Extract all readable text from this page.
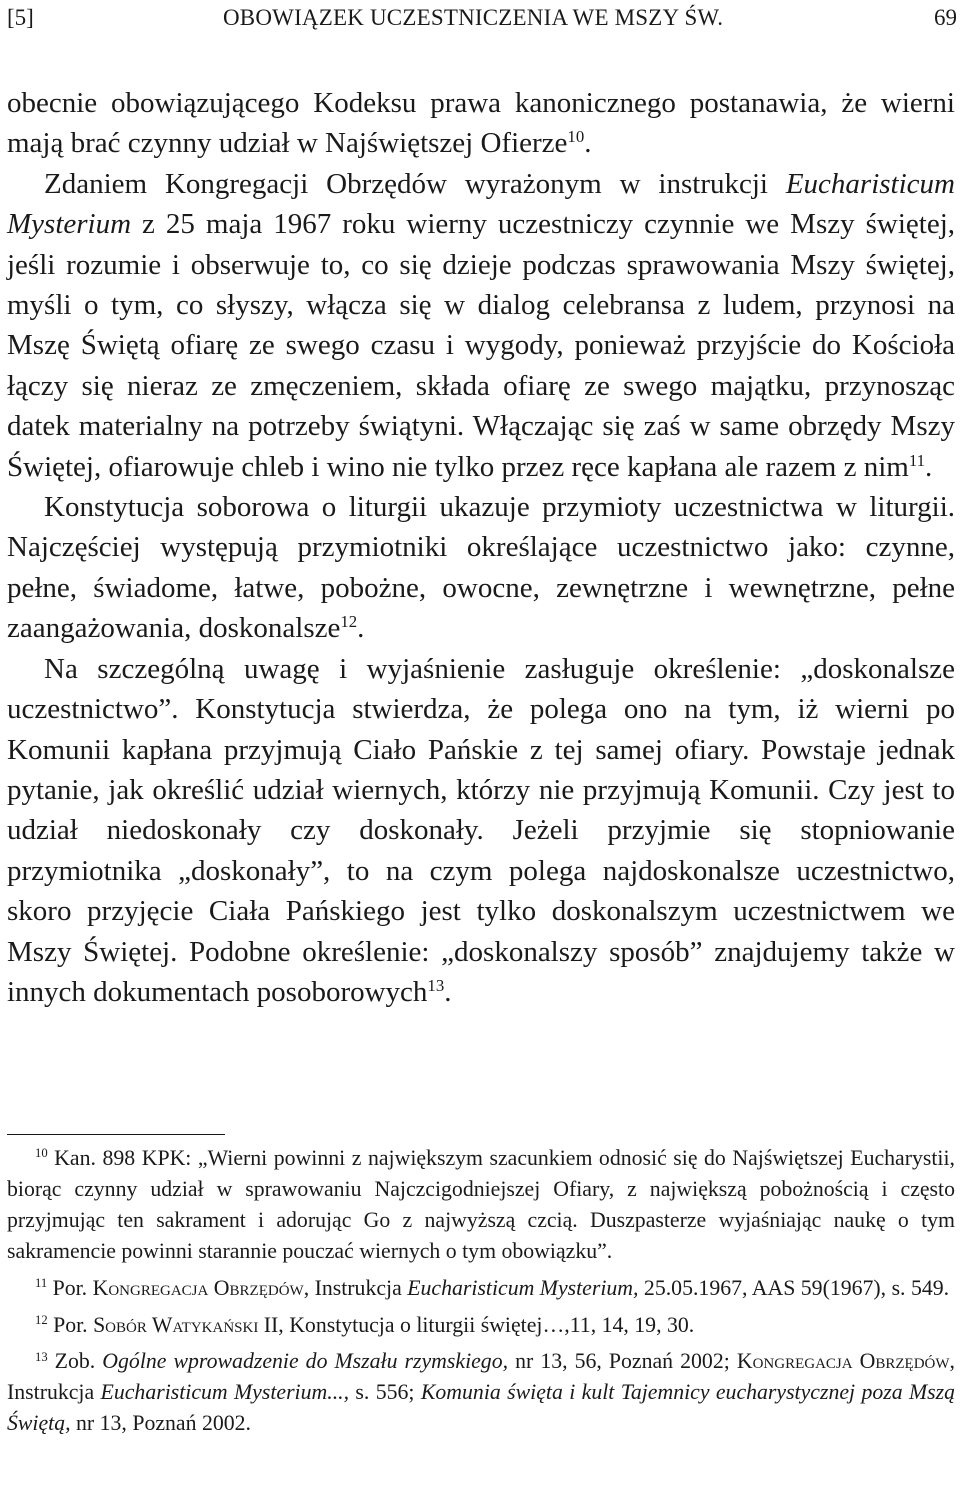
[5]	OBOWIĄZEK UCZESTNICZENIA WE MSZY ŚW.	69

obecnie obowiązującego Kodeksu prawa kanonicznego postanawia, że wierni mają brać czynny udział w Najświętszej Ofierze$^{10}$.

Zdaniem Kongregacji Obrzędów wyrażonym w instrukcji Eucharisticum Mysterium z 25 maja 1967 roku wierny uczestniczy czynnie we Mszy świętej, jeśli rozumie i obserwuje to, co się dzieje podczas sprawowania Mszy świętej, myśli o tym, co słyszy, włącza się w dialog celebransa z ludem, przynosi na Mszę Świętą ofiarę ze swego czasu i wygody, ponieważ przyjście do Kościoła łączy się nieraz ze zmęczeniem, składa ofiarę ze swego majątku, przynosząc datek materialny na potrzeby świątyni. Włączając się zaś w same obrzędy Mszy Świętej, ofiarowuje chleb i wino nie tylko przez ręce kapłana ale razem z nim$^{11}$.

Konstytucja soborowa o liturgii ukazuje przymioty uczestnictwa w liturgii. Najczęściej występują przymiotniki określające uczestnictwo jako: czynne, pełne, świadome, łatwe, pobożne, owocne, zewnętrzne i wewnętrzne, pełne zaangażowania, doskonalsze$^{12}$.

Na szczególną uwagę i wyjaśnienie zasługuje określenie: „doskonalsze uczestnictwo”. Konstytucja stwierdza, że polega ono na tym, iż wierni po Komunii kapłana przyjmują Ciało Pańskie z tej samej ofiary. Powstaje jednak pytanie, jak określić udział wiernych, którzy nie przyjmują Komunii. Czy jest to udział niedoskonały czy doskonały. Jeżeli przyjmie się stopniowanie przymiotnika „doskonały”, to na czym polega najdoskonalsze uczestnictwo, skoro przyjęcie Ciała Pańskiego jest tylko doskonalszym uczestnictwem we Mszy Świętej. Podobne określenie: „doskonalszy sposób” znajdujemy także w innych dokumentach posoborowych$^{13}$.

$^{10}$ Kan. 898 KPK: „Wierni powinni z największym szacunkiem odnosić się do Najświętszej Eucharystii, biorąc czynny udział w sprawowaniu Najczcigodniejszej Ofiary, z największą pobożnością i często przyjmując ten sakrament i adorując Go z najwyższą czcią. Duszpasterze wyjaśniając naukę o tym sakramencie powinni starannie pouczać wiernych o tym obowiązku”.

$^{11}$ Por. Kongregacja Obrzędów, Instrukcja Eucharisticum Mysterium, 25.05.1967, AAS 59(1967), s. 549.

$^{12}$ Por. Sobór Watykański II, Konstytucja o liturgii świętej…,11, 14, 19, 30.

$^{13}$ Zob. Ogólne wprowadzenie do Mszału rzymskiego, nr 13, 56, Poznań 2002; Kongregacja Obrzędów, Instrukcja Eucharisticum Mysterium..., s. 556; Komunia święta i kult Tajemnicy eucharystycznej poza Mszą Świętą, nr 13, Poznań 2002.
